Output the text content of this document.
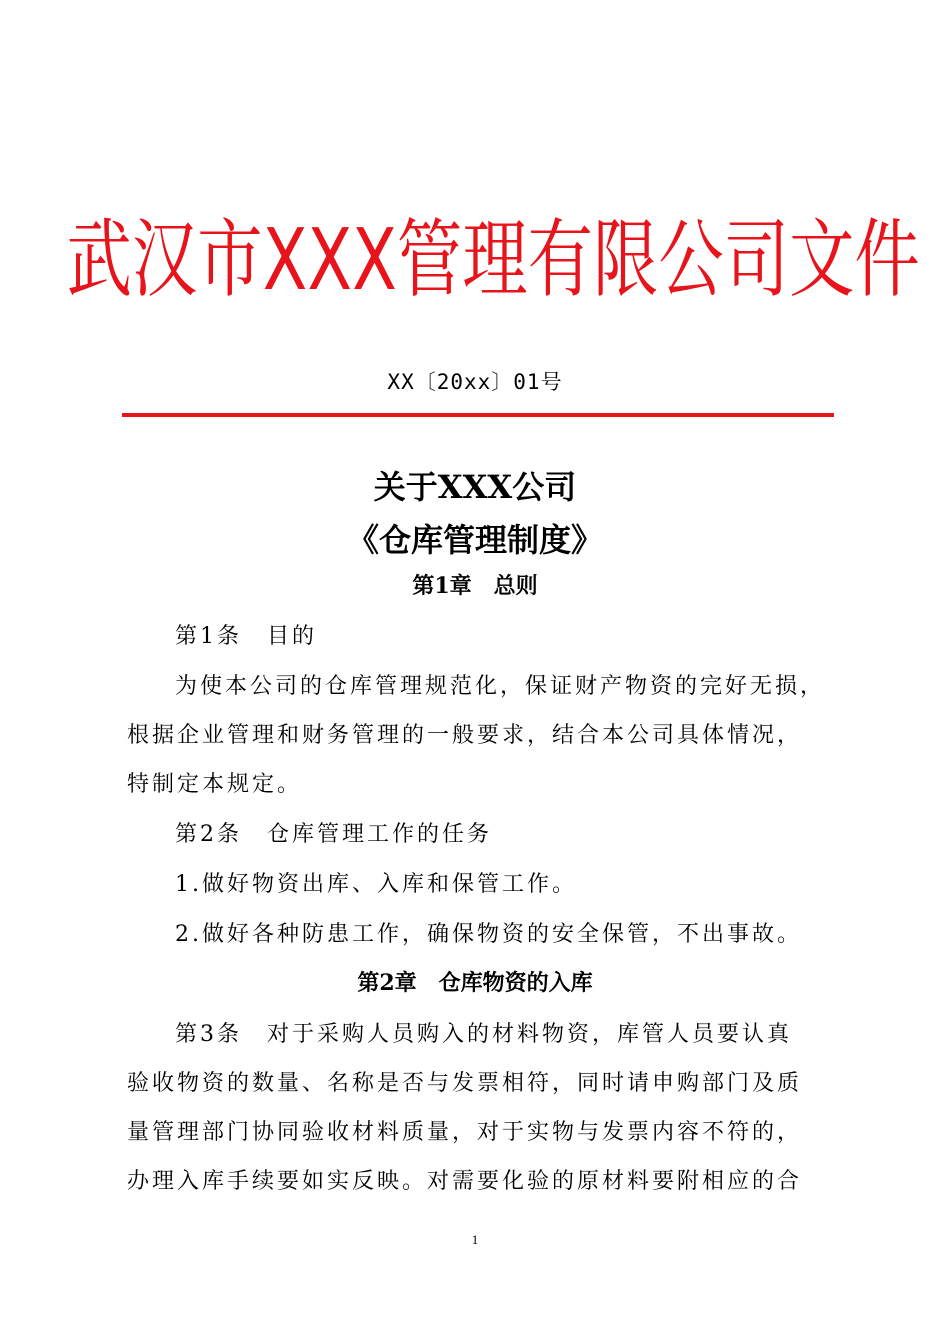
武汉市XXX管理有限公司文件
XX〔20xx〕01号
关于XXX公司
《仓库管理制度》
第1章　总则
第1条　目的
为使本公司的仓库管理规范化，保证财产物资的完好无损，
根据企业管理和财务管理的一般要求，结合本公司具体情况，
特制定本规定。
第2条　仓库管理工作的任务
1.做好物资出库、入库和保管工作。
2.做好各种防患工作，确保物资的安全保管，不出事故。
第2章　仓库物资的入库
第3条　对于采购人员购入的材料物资，库管人员要认真
验收物资的数量、名称是否与发票相符，同时请申购部门及质
量管理部门协同验收材料质量，对于实物与发票内容不符的，
办理入库手续要如实反映。对需要化验的原材料要附相应的合
1
